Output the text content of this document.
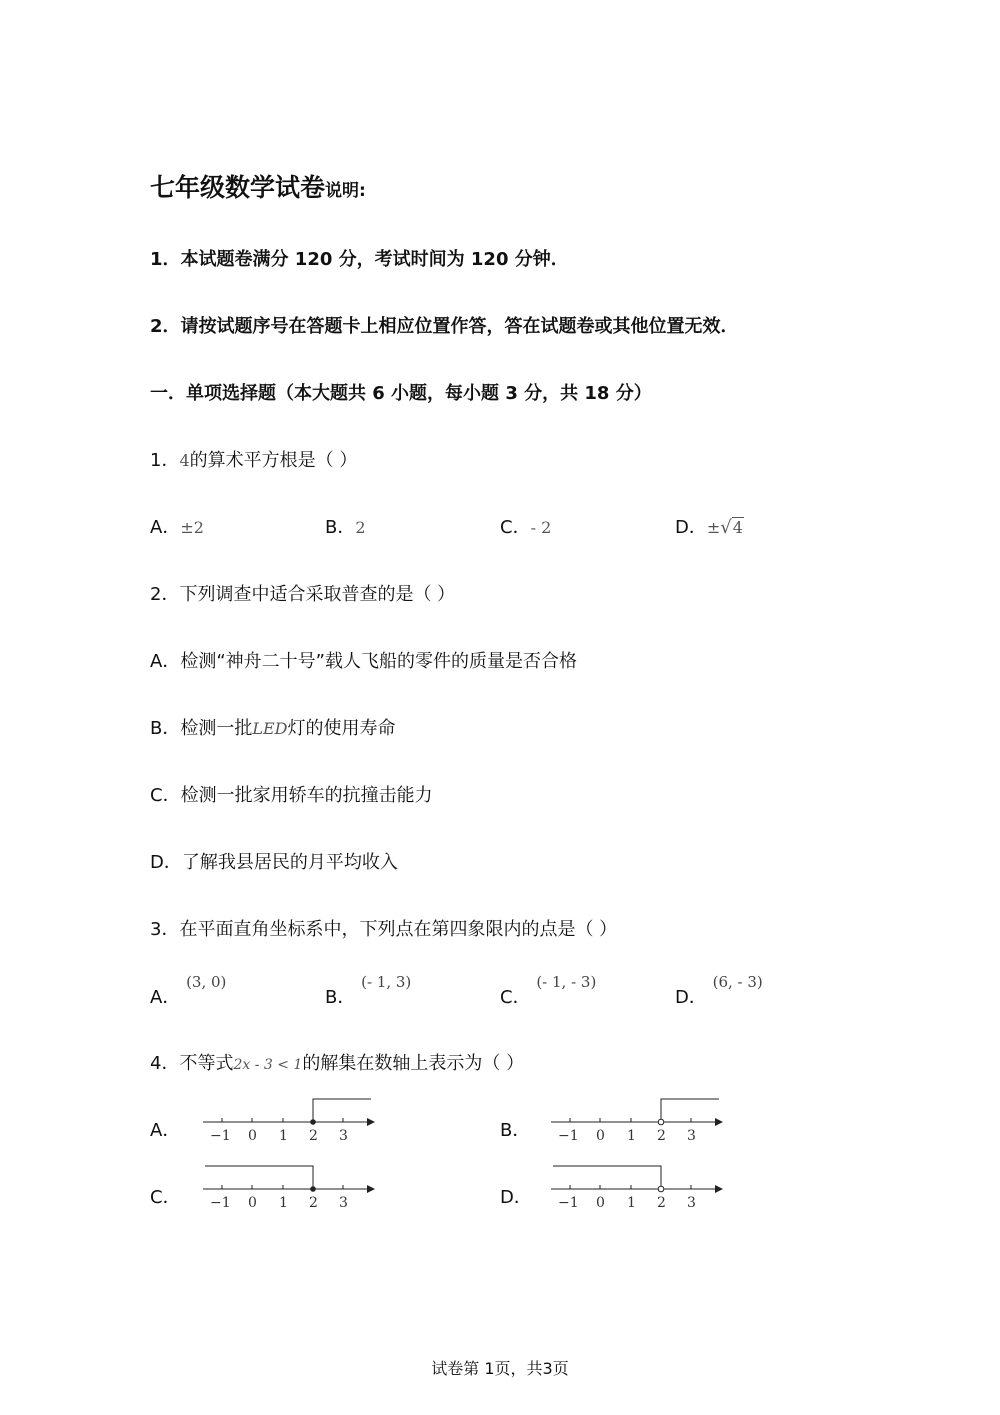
七年级数学试卷说明:
1．本试题卷满分 120 分，考试时间为 120 分钟．
2．请按试题序号在答题卡上相应位置作答，答在试题卷或其他位置无效．
一．单项选择题（本大题共 6 小题，每小题 3 分，共 18 分）
1．4的算术平方根是（ ）
A．±2	B．2	C．- 2	D．±√4
2．下列调查中适合采取普查的是（ ）
A．检测“神舟二十号”载人飞船的零件的质量是否合格
B．检测一批LED灯的使用寿命
C．检测一批家用轿车的抗撞击能力
D．了解我县居民的月平均收入
3．在平面直角坐标系中，下列点在第四象限内的点是（ ）
A． $^{(3, 0)}$
B． $^{(- 1, 3)}$
C． $^{(- 1, - 3)}$
D． $^{(6, - 3)}$
4．不等式2x - 3 < 1的解集在数轴上表示为（ ）
A． −1 0 1 2 3	B． −1 0 1 2 3
C． −1 0 1 2 3	D． −1 0 1 2 3
试卷第 1页，共3页
